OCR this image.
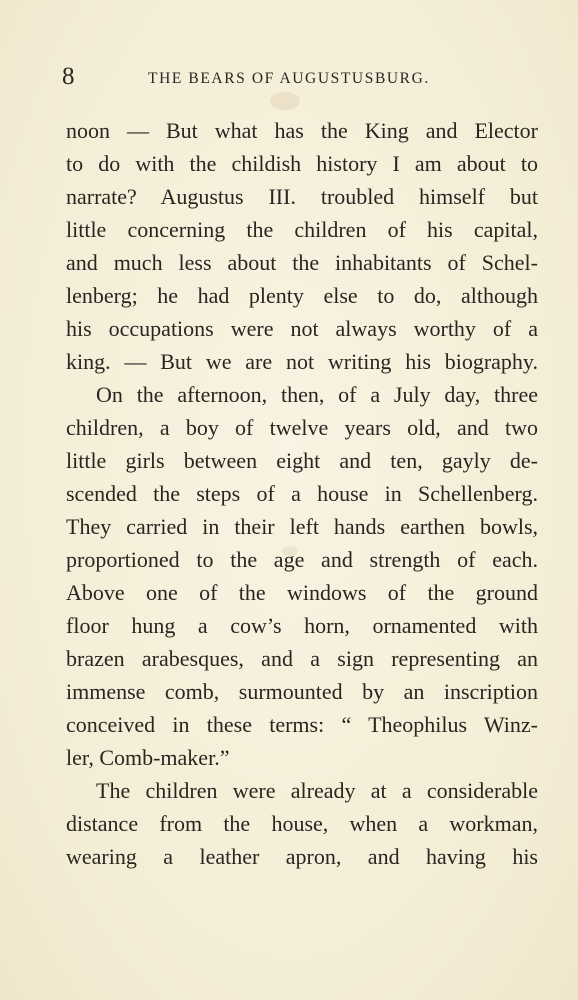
8	THE BEARS OF AUGUSTUSBURG.
noon — But what has the King and Elector
to do with the childish history I am about to
narrate? Augustus III. troubled himself but
little concerning the children of his capital,
and much less about the inhabitants of Schel-
lenberg; he had plenty else to do, although
his occupations were not always worthy of a
king. — But we are not writing his biography.
On the afternoon, then, of a July day, three
children, a boy of twelve years old, and two
little girls between eight and ten, gayly de-
scended the steps of a house in Schellenberg.
They carried in their left hands earthen bowls,
proportioned to the age and strength of each.
Above one of the windows of the ground
floor hung a cow’s horn, ornamented with
brazen arabesques, and a sign representing an
immense comb, surmounted by an inscription
conceived in these terms: “ Theophilus Winz-
ler, Comb-maker.”
The children were already at a considerable
distance from the house, when a workman,
wearing a leather apron, and having his
